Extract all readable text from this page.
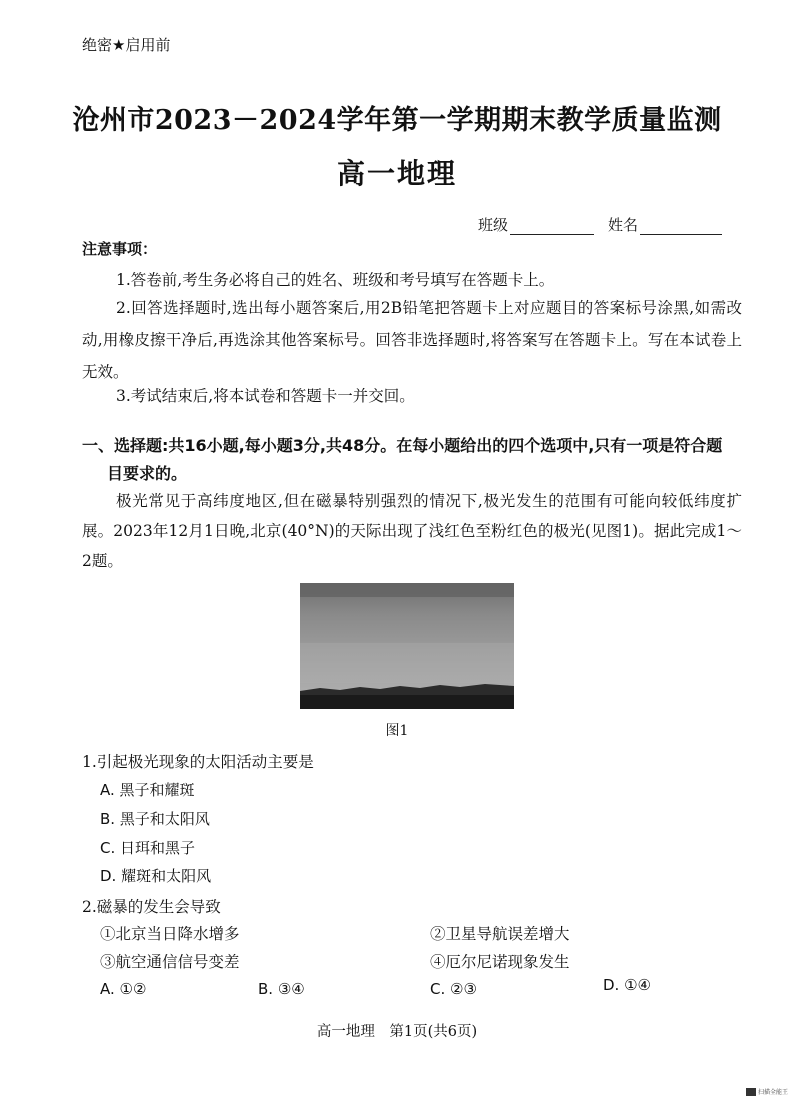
绝密★启用前
沧州市2023－2024学年第一学期期末教学质量监测
高一地理
班级	姓名
注意事项：
1.答卷前,考生务必将自己的姓名、班级和考号填写在答题卡上。
2.回答选择题时,选出每小题答案后,用2B铅笔把答题卡上对应题目的答案标号涂黑,如需改动,用橡皮擦干净后,再选涂其他答案标号。回答非选择题时,将答案写在答题卡上。写在本试卷上无效。
3.考试结束后,将本试卷和答题卡一并交回。
一、选择题:共16小题,每小题3分,共48分。在每小题给出的四个选项中,只有一项是符合题
目要求的。
极光常见于高纬度地区,但在磁暴特别强烈的情况下,极光发生的范围有可能向较低纬度扩展。2023年12月1日晚,北京(40°N)的天际出现了浅红色至粉红色的极光(见图1)。据此完成1～2题。
图1
1.引起极光现象的太阳活动主要是
A. 黑子和耀斑
B. 黑子和太阳风
C. 日珥和黑子
D. 耀斑和太阳风
2.磁暴的发生会导致
①北京当日降水增多	②卫星导航误差增大
③航空通信信号变差	④厄尔尼诺现象发生
A. ①②	B. ③④	C. ②③	D. ①④
高一地理　第1页(共6页)
扫描全能王
